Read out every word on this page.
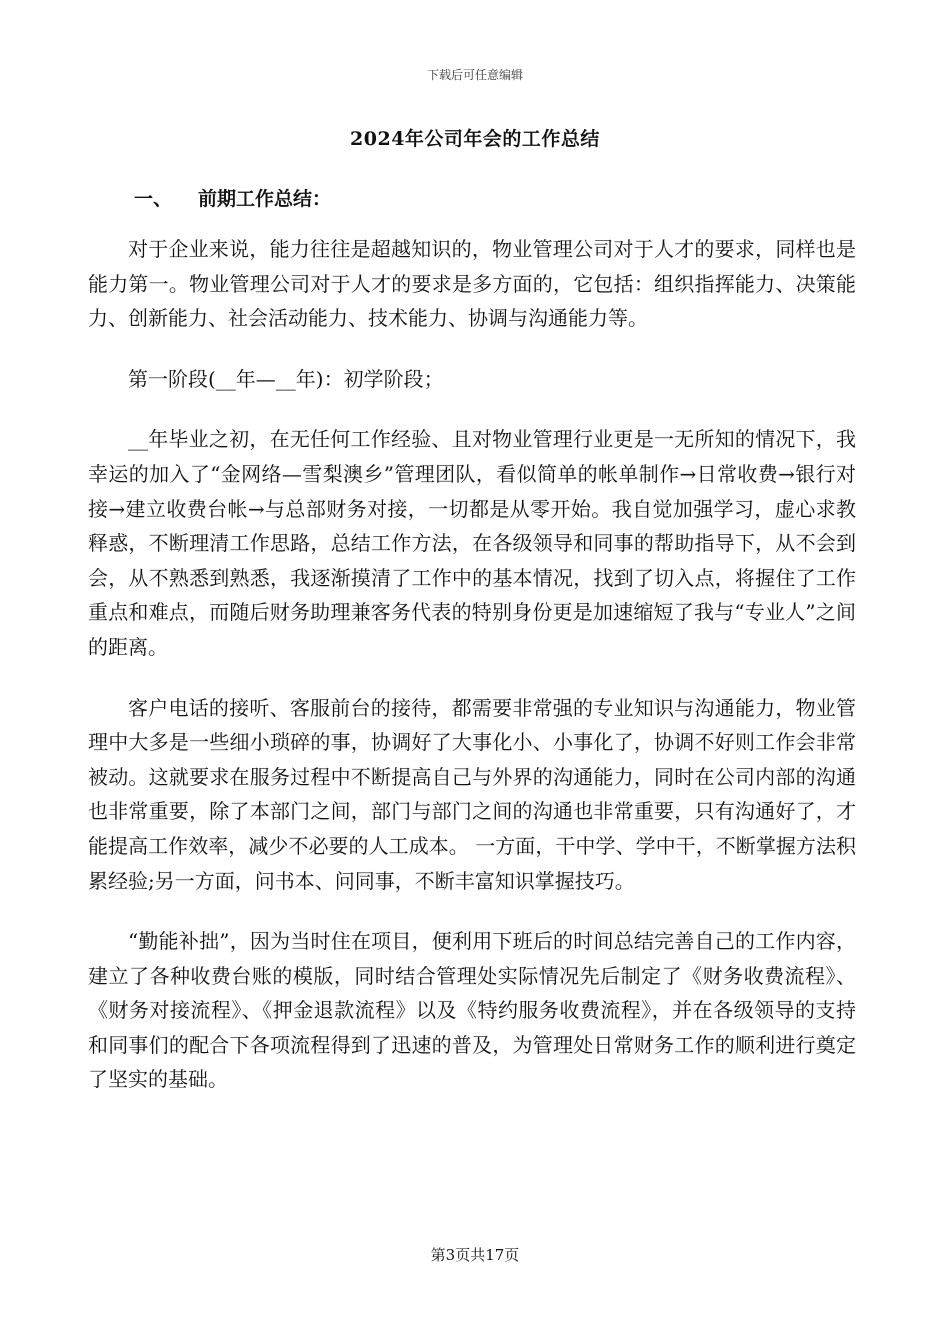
下载后可任意编辑
2024年公司年会的工作总结
一、 前期工作总结：

对于企业来说，能力往往是超越知识的，物业管理公司对于人才的要求，同样也是能力第一。物业管理公司对于人才的要求是多方面的，它包括：组织指挥能力、决策能力、创新能力、社会活动能力、技术能力、协调与沟通能力等。

第一阶段(__年—__年)：初学阶段；

__年毕业之初，在无任何工作经验、且对物业管理行业更是一无所知的情况下，我幸运的加入了“金网络—雪梨澳乡”管理团队，看似简单的帐单制作→日常收费→银行对接→建立收费台帐→与总部财务对接，一切都是从零开始。我自觉加强学习，虚心求教释惑，不断理清工作思路，总结工作方法，在各级领导和同事的帮助指导下，从不会到会，从不熟悉到熟悉，我逐渐摸清了工作中的基本情况，找到了切入点，将握住了工作重点和难点，而随后财务助理兼客务代表的特别身份更是加速缩短了我与“专业人”之间的距离。

客户电话的接听、客服前台的接待，都需要非常强的专业知识与沟通能力，物业管理中大多是一些细小琐碎的事，协调好了大事化小、小事化了，协调不好则工作会非常被动。这就要求在服务过程中不断提高自己与外界的沟通能力，同时在公司内部的沟通也非常重要，除了本部门之间，部门与部门之间的沟通也非常重要，只有沟通好了，才能提高工作效率，减少不必要的人工成本。 一方面，干中学、学中干，不断掌握方法积累经验;另一方面，问书本、问同事，不断丰富知识掌握技巧。

“勤能补拙”，因为当时住在项目，便利用下班后的时间总结完善自己的工作内容，建立了各种收费台账的模版，同时结合管理处实际情况先后制定了《财务收费流程》、《财务对接流程》、《押金退款流程》以及《特约服务收费流程》，并在各级领导的支持和同事们的配合下各项流程得到了迅速的普及，为管理处日常财务工作的顺利进行奠定了坚实的基础。

第3页共17页
